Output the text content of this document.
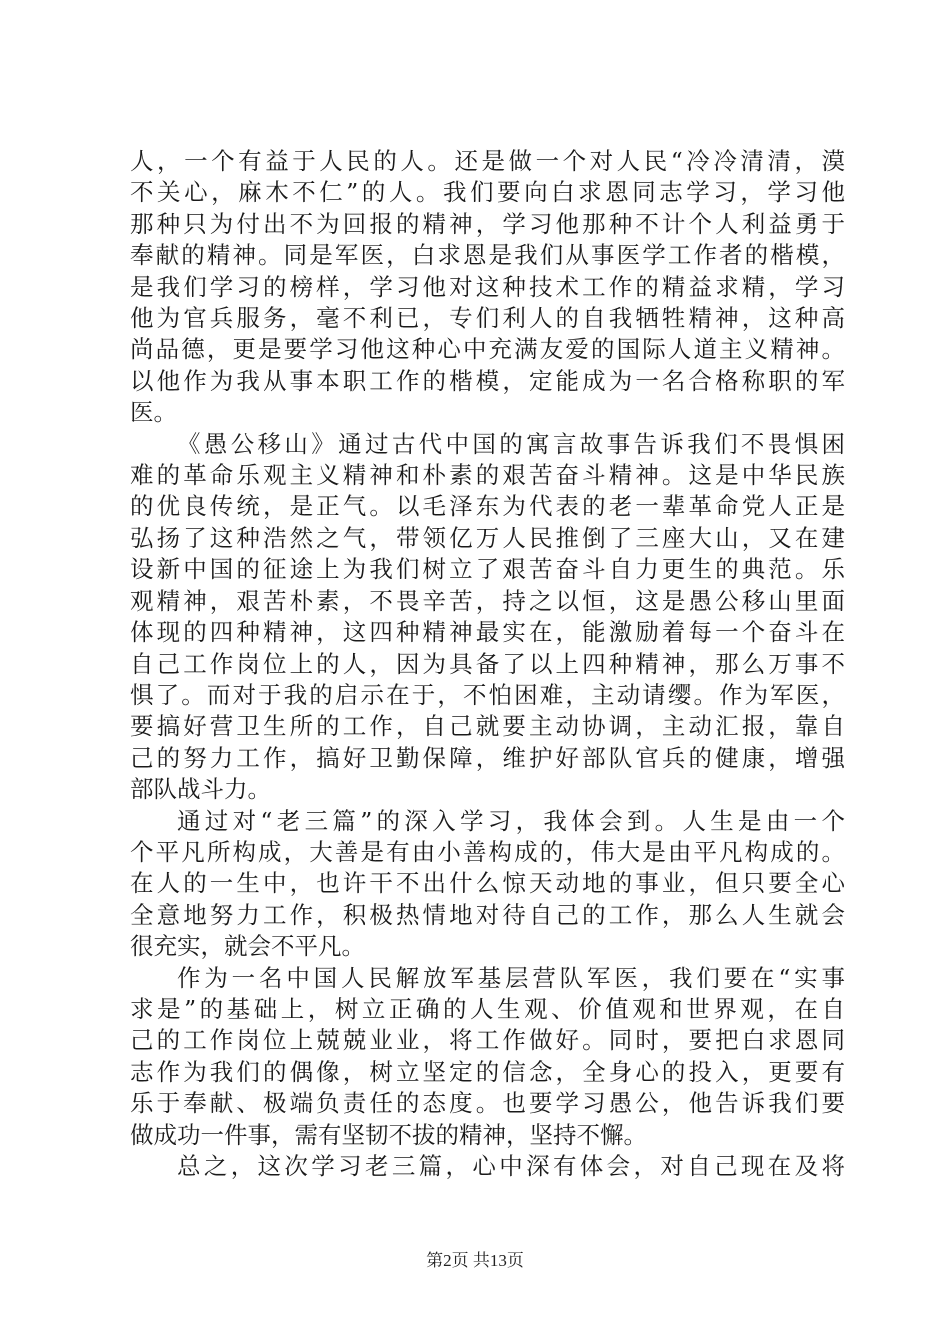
人，一个有益于人民的人。还是做一个对人民“冷冷清清，漠
不关心，麻木不仁”的人。我们要向白求恩同志学习，学习他
那种只为付出不为回报的精神，学习他那种不计个人利益勇于
奉献的精神。同是军医，白求恩是我们从事医学工作者的楷模，
是我们学习的榜样，学习他对这种技术工作的精益求精，学习
他为官兵服务，毫不利已，专们利人的自我牺牲精神，这种高
尚品德，更是要学习他这种心中充满友爱的国际人道主义精神。
以他作为我从事本职工作的楷模，定能成为一名合格称职的军
医。
《愚公移山》通过古代中国的寓言故事告诉我们不畏惧困
难的革命乐观主义精神和朴素的艰苦奋斗精神。这是中华民族
的优良传统，是正气。以毛泽东为代表的老一辈革命党人正是
弘扬了这种浩然之气，带领亿万人民推倒了三座大山，又在建
设新中国的征途上为我们树立了艰苦奋斗自力更生的典范。乐
观精神，艰苦朴素，不畏辛苦，持之以恒，这是愚公移山里面
体现的四种精神，这四种精神最实在，能激励着每一个奋斗在
自己工作岗位上的人，因为具备了以上四种精神，那么万事不
惧了。而对于我的启示在于，不怕困难，主动请缨。作为军医，
要搞好营卫生所的工作，自己就要主动协调，主动汇报，靠自
己的努力工作，搞好卫勤保障，维护好部队官兵的健康，增强
部队战斗力。
通过对“老三篇”的深入学习，我体会到。人生是由一个
个平凡所构成，大善是有由小善构成的，伟大是由平凡构成的。
在人的一生中，也许干不出什么惊天动地的事业，但只要全心
全意地努力工作，积极热情地对待自己的工作，那么人生就会
很充实，就会不平凡。
作为一名中国人民解放军基层营队军医，我们要在“实事
求是”的基础上，树立正确的人生观、价值观和世界观，在自
己的工作岗位上兢兢业业，将工作做好。同时，要把白求恩同
志作为我们的偶像，树立坚定的信念，全身心的投入，更要有
乐于奉献、极端负责任的态度。也要学习愚公，他告诉我们要
做成功一件事，需有坚韧不拔的精神，坚持不懈。
总之，这次学习老三篇，心中深有体会，对自己现在及将
第2页 共13页
